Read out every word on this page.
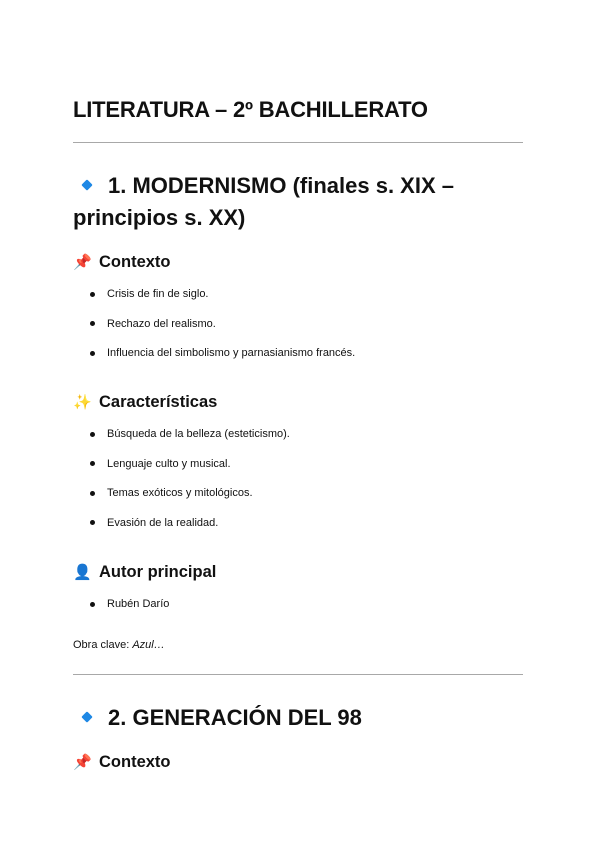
LITERATURA – 2º BACHILLERATO
1. MODERNISMO (finales s. XIX – principios s. XX)
📌 Contexto
Crisis de fin de siglo.
Rechazo del realismo.
Influencia del simbolismo y parnasianismo francés.
✨ Características
Búsqueda de la belleza (esteticismo).
Lenguaje culto y musical.
Temas exóticos y mitológicos.
Evasión de la realidad.
👤 Autor principal
Rubén Darío

Obra clave: Azul…

2. GENERACIÓN DEL 98
📌 Contexto
